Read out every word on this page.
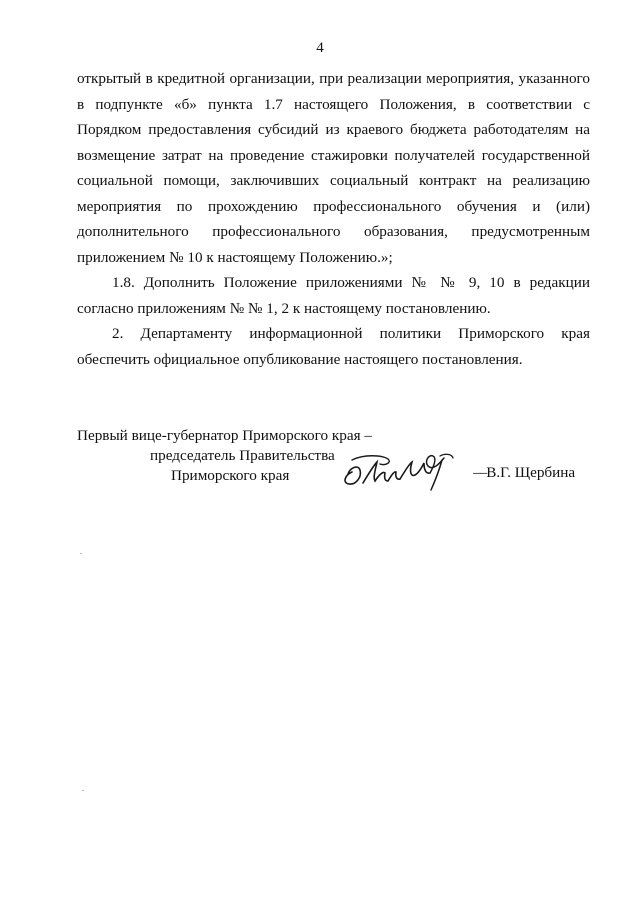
4

открытый в кредитной организации, при реализации мероприятия, указанного в подпункте «б» пункта 1.7 настоящего Положения, в соответствии с Порядком предоставления субсидий из краевого бюджета работодателям на возмещение затрат на проведение стажировки получателей государственной социальной помощи, заключивших социальный контракт на реализацию мероприятия по прохождению профессионального обучения и (или) дополнительного профессионального образования, предусмотренным приложением № 10 к настоящему Положению.»;

1.8. Дополнить Положение приложениями № № 9, 10 в редакции согласно приложениям № № 1, 2 к настоящему постановлению.

2. Департаменту информационной политики Приморского края обеспечить официальное опубликование настоящего постановления.

Первый вице-губернатор Приморского края –
председатель Правительства
Приморского края	––В.Г. Щербина
